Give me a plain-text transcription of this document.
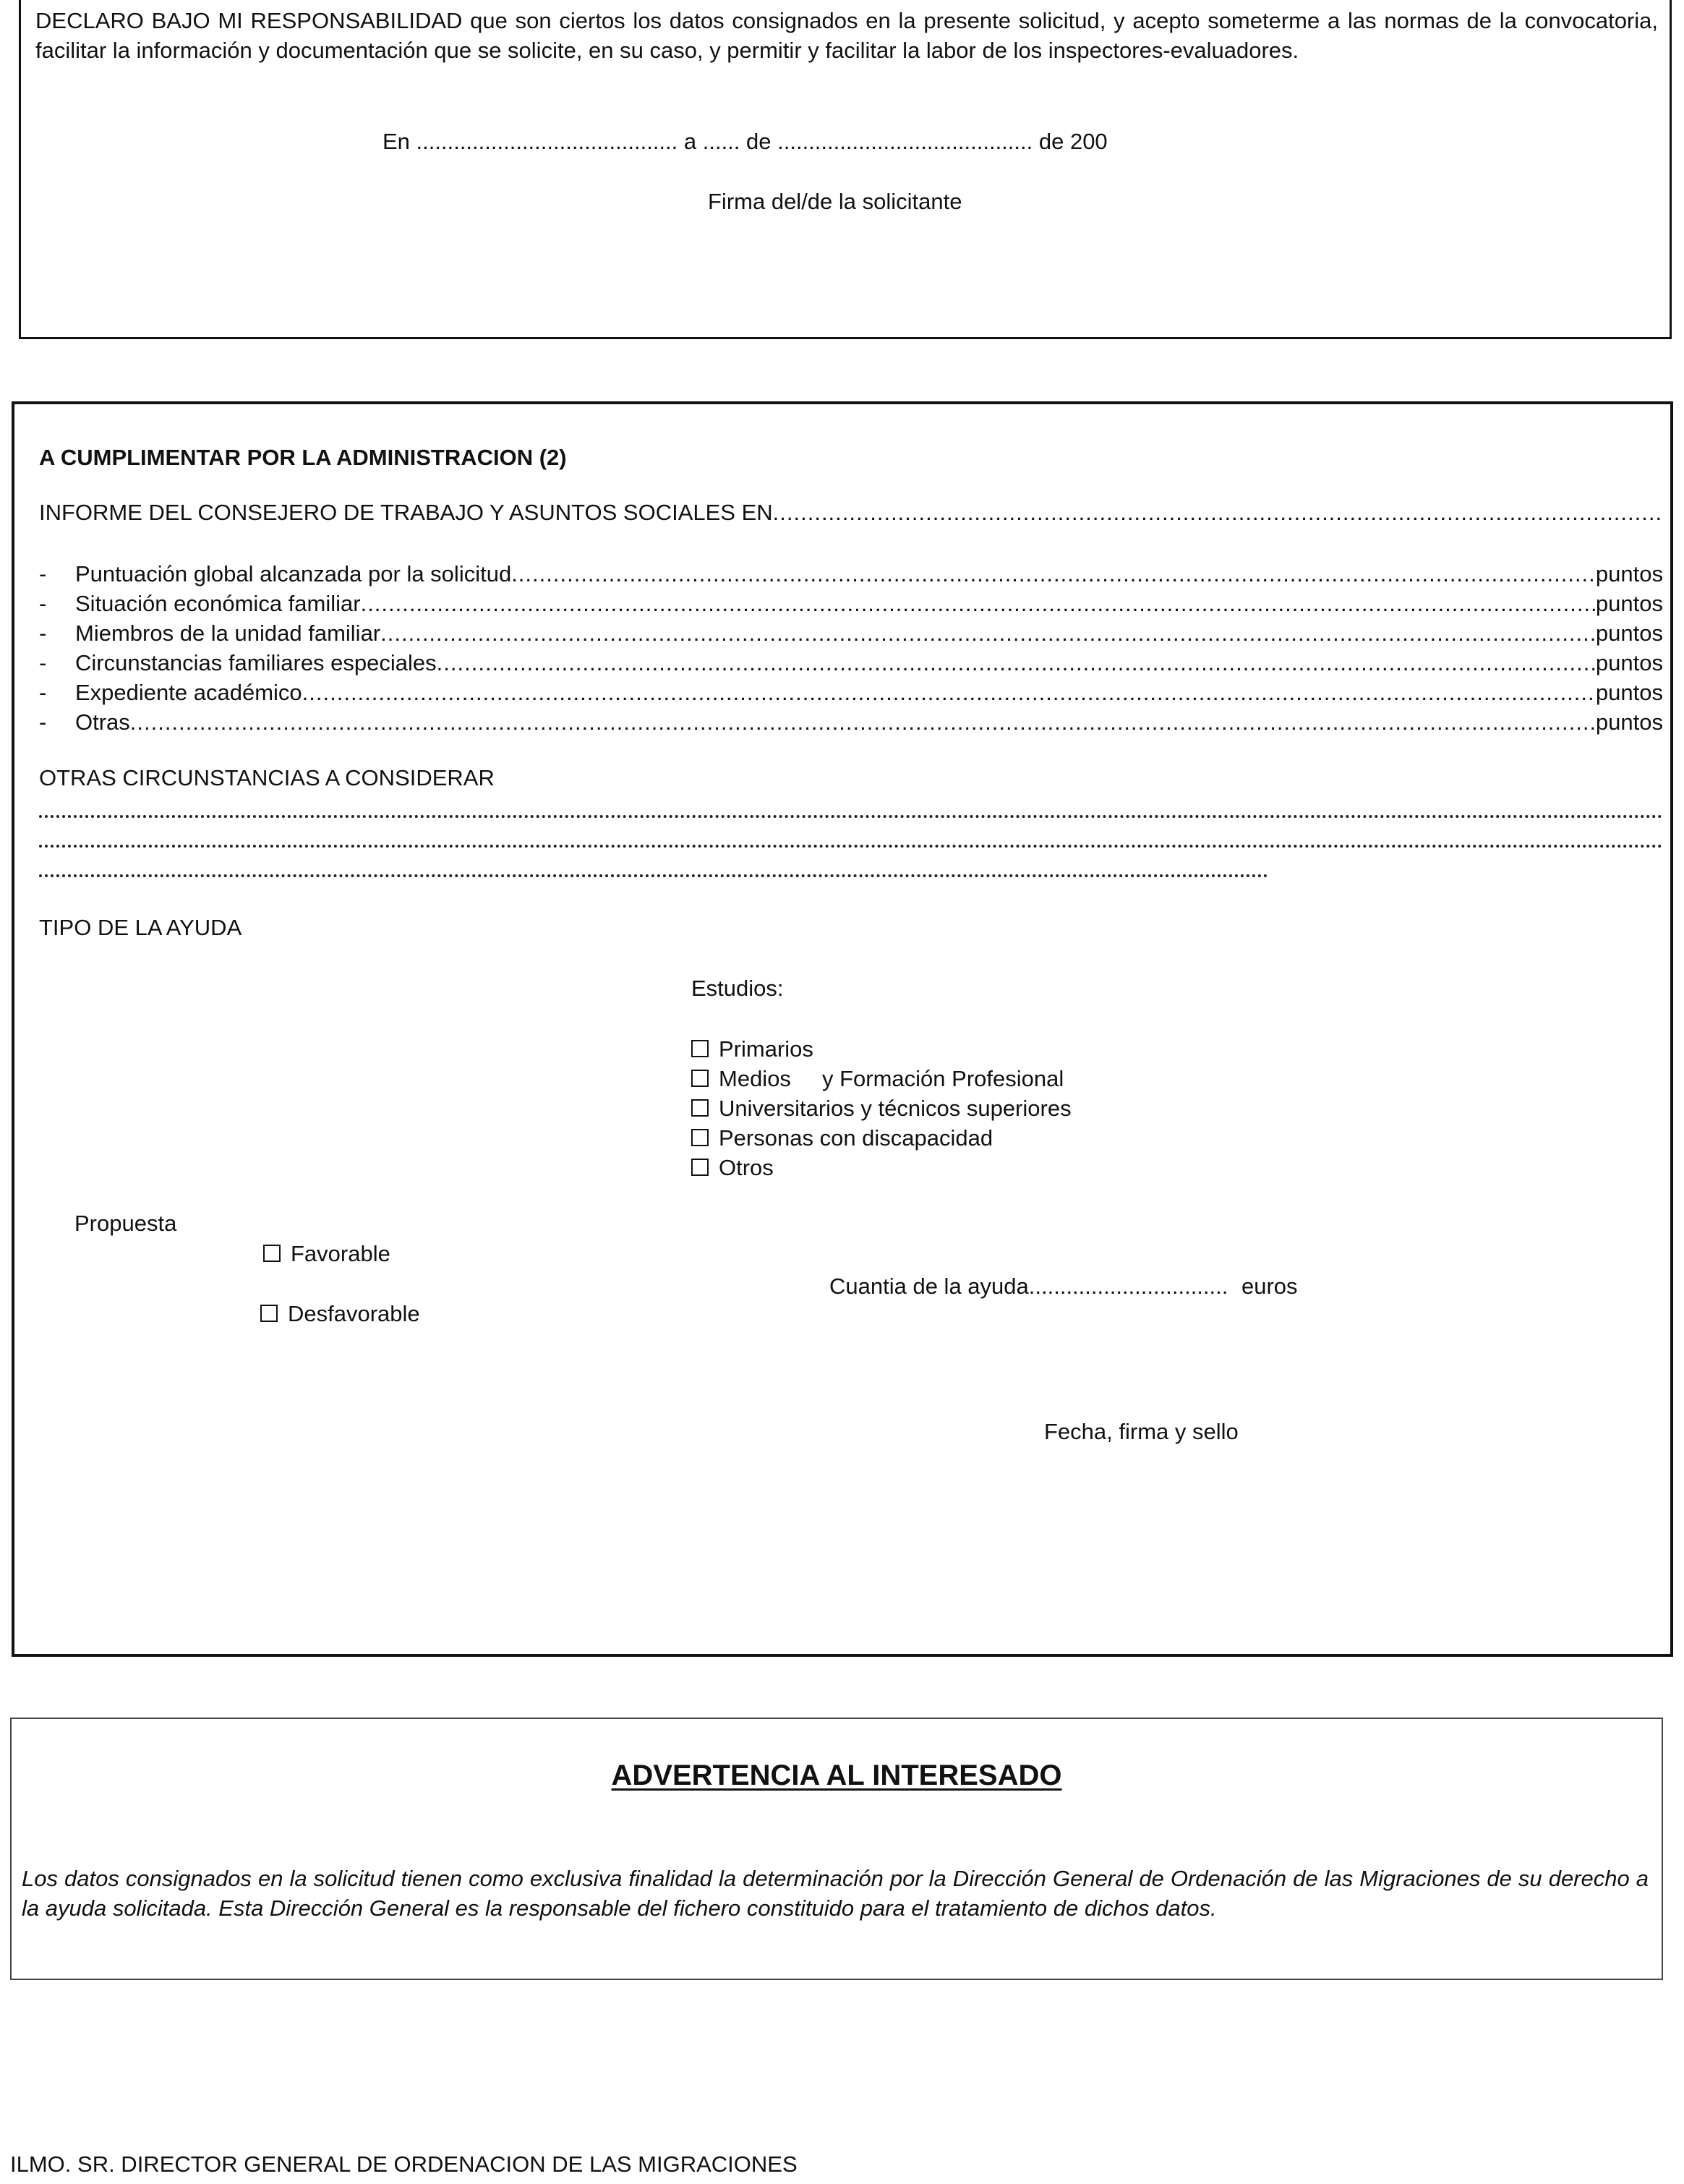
DECLARO BAJO MI RESPONSABILIDAD que son ciertos los datos consignados en la presente solicitud, y acepto someterme a las normas de la convocatoria, facilitar la información y documentación que se solicite, en su caso, y permitir y facilitar la labor de los inspectores-evaluadores.
En .......................................... a ...... de ......................................... de 200
Firma del/de la solicitante
A CUMPLIMENTAR POR LA ADMINISTRACION (2)
INFORME DEL CONSEJERO DE TRABAJO Y ASUNTOS SOCIALES EN
.....
-	Puntuación global alcanzada por la solicitud .....	puntos
-	Situación económica familiar .....	puntos
-	Miembros de la unidad familiar .....	puntos
-	Circunstancias familiares especiales .....	puntos
-	Expediente académico .....	puntos
-	Otras .....	puntos
OTRAS CIRCUNSTANCIAS A CONSIDERAR
TIPO DE LA AYUDA
Estudios:
Primarios
Medios     y Formación Profesional
Universitarios y técnicos superiores
Personas con discapacidad
Otros
Propuesta
Favorable
Desfavorable
Cuantia de la ayuda................................ euros
Fecha, firma y sello
ADVERTENCIA AL INTERESADO
Los datos consignados en la solicitud tienen como exclusiva finalidad la determinación por la Dirección General de Ordenación de las Migraciones de su derecho a la ayuda solicitada. Esta Dirección General es la responsable del fichero constituido para el tratamiento de dichos datos.
ILMO. SR. DIRECTOR GENERAL DE ORDENACION DE LAS MIGRACIONES
